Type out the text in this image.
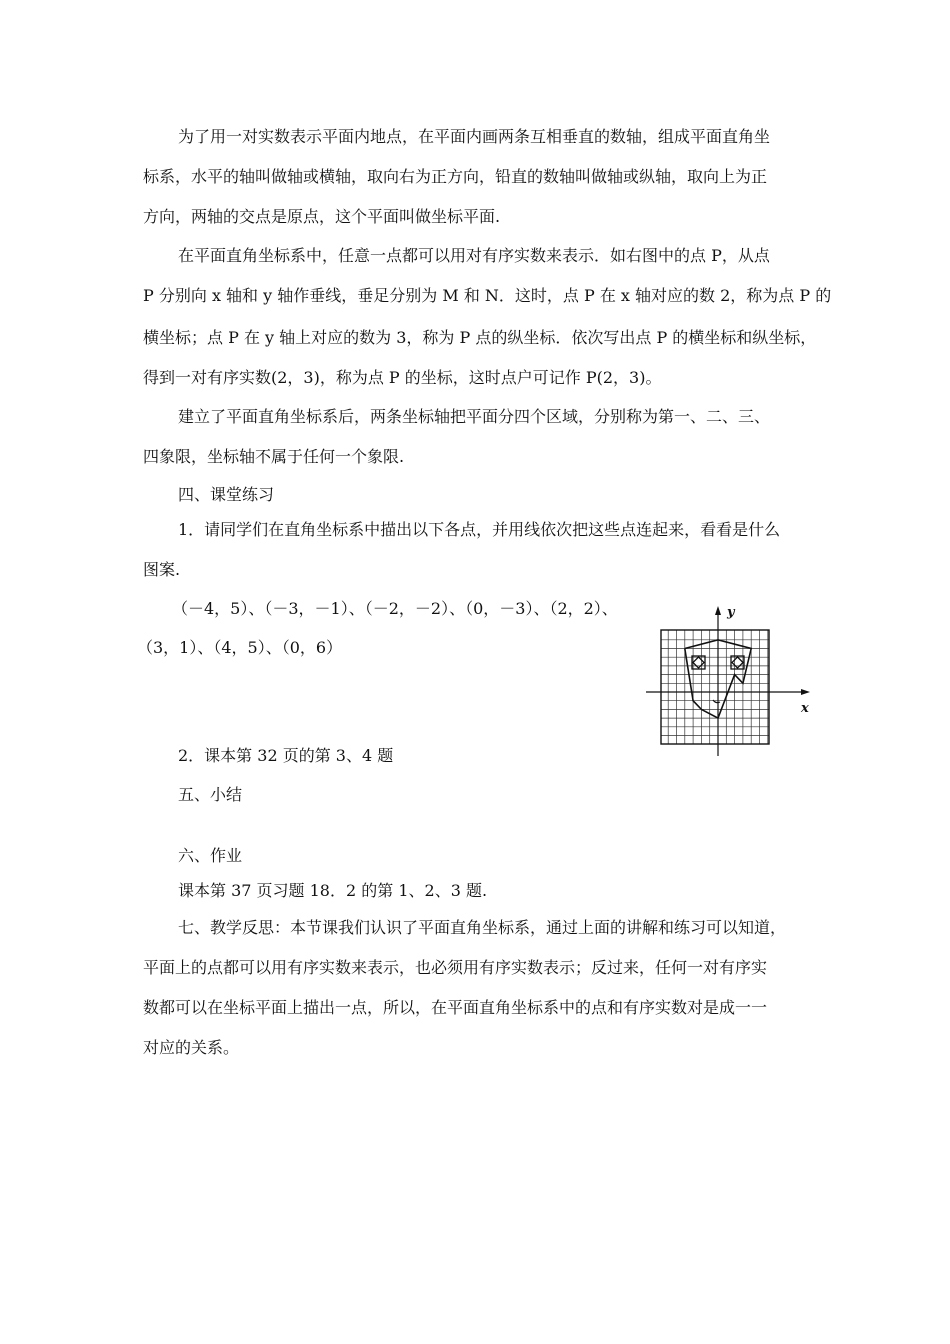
为了用一对实数表示平面内地点，在平面内画两条互相垂直的数轴，组成平面直角坐
标系，水平的轴叫做轴或横轴，取向右为正方向，铅直的数轴叫做轴或纵轴，取向上为正
方向，两轴的交点是原点，这个平面叫做坐标平面.
在平面直角坐标系中，任意一点都可以用对有序实数来表示．如右图中的点 P，从点
P 分别向 x 轴和 y 轴作垂线，垂足分别为 M 和 N．这时，点 P 在 x 轴对应的数 2，称为点 P 的
横坐标；点 P 在 y 轴上对应的数为 3，称为 P 点的纵坐标．依次写出点 P 的横坐标和纵坐标，
得到一对有序实数(2，3)，称为点 P 的坐标，这时点户可记作 P(2，3)。
建立了平面直角坐标系后，两条坐标轴把平面分四个区域，分别称为第一、二、三、
四象限，坐标轴不属于任何一个象限.
四、课堂练习
1．请同学们在直角坐标系中描出以下各点，并用线依次把这些点连起来，看看是什么
图案.
（－4，5）、（－3，－1）、（－2，－2）、（0，－3）、（2，2）、
（3，1）、（4，5）、（0，6）
x
y
2．课本第 32 页的第 3、4 题
五、小结
六、作业
课本第 37 页习题 18．2 的第 1、2、3 题.
七、教学反思：本节课我们认识了平面直角坐标系，通过上面的讲解和练习可以知道，
平面上的点都可以用有序实数来表示，也必须用有序实数表示；反过来，任何一对有序实
数都可以在坐标平面上描出一点，所以，在平面直角坐标系中的点和有序实数对是成一一
对应的关系。
